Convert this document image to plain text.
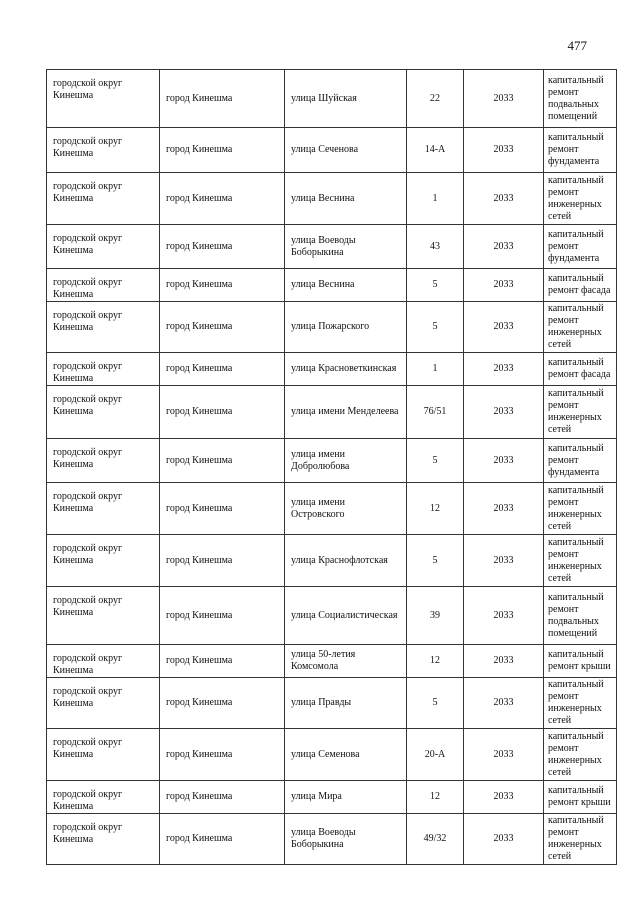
477
городской округ Кинешма	город Кинешма	улица Шуйская	22	2033	капитальный ремонт подвальных помещений
городской округ Кинешма	город Кинешма	улица Сеченова	14-А	2033	капитальный ремонт фундамента
городской округ Кинешма	город Кинешма	улица Веснина	1	2033	капитальный ремонт инженерных сетей
городской округ Кинешма	город Кинешма	улица Воеводы Боборыкина	43	2033	капитальный ремонт фундамента
городской округ Кинешма	город Кинешма	улица Веснина	5	2033	капитальный ремонт фасада
городской округ Кинешма	город Кинешма	улица Пожарского	5	2033	капитальный ремонт инженерных сетей
городской округ Кинешма	город Кинешма	улица Красноветкинская	1	2033	капитальный ремонт фасада
городской округ Кинешма	город Кинешма	улица имени Менделеева	76/51	2033	капитальный ремонт инженерных сетей
городской округ Кинешма	город Кинешма	улица имени Добролюбова	5	2033	капитальный ремонт фундамента
городской округ Кинешма	город Кинешма	улица имени Островского	12	2033	капитальный ремонт инженерных сетей
городской округ Кинешма	город Кинешма	улица Краснофлотская	5	2033	капитальный ремонт инженерных сетей
городской округ Кинешма	город Кинешма	улица Социалистическая	39	2033	капитальный ремонт подвальных помещений
городской округ Кинешма	город Кинешма	улица 50-летия Комсомола	12	2033	капитальный ремонт крыши
городской округ Кинешма	город Кинешма	улица Правды	5	2033	капитальный ремонт инженерных сетей
городской округ Кинешма	город Кинешма	улица Семенова	20-А	2033	капитальный ремонт инженерных сетей
городской округ Кинешма	город Кинешма	улица Мира	12	2033	капитальный ремонт крыши
городской округ Кинешма	город Кинешма	улица Воеводы Боборыкина	49/32	2033	капитальный ремонт инженерных сетей
